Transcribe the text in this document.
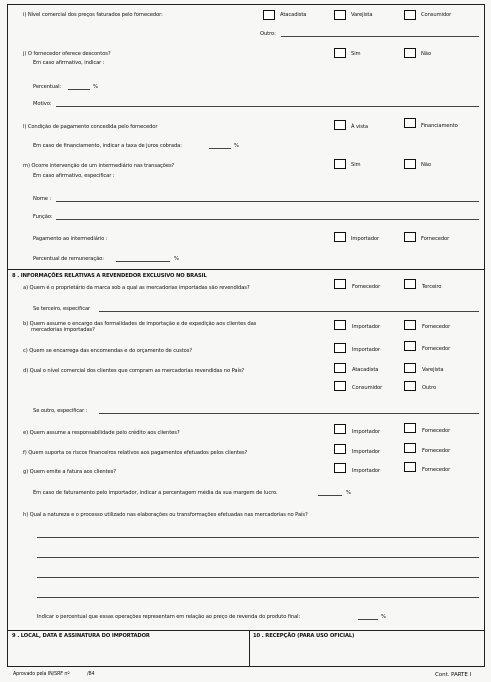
i) Nível comercial dos preços faturados pelo fornecedor:	Atacadista	Varejista	Consumidor
Outro:
j) O fornecedor oferece descontos?	Sim	Não
Em caso afirmativo, indicar :
Percentual:	%
Motivo:
l) Condição de pagamento concedida pelo fornecedor	À vista	Financiamento
Em caso de financiamento, indicar a taxa de juros cobrada:	%
m) Ocorre intervenção de um intermediário nas transações?	Sim	Não
Em caso afirmativo, especificar :
Nome :
Função:
Pagamento ao intermediário :	Importador	Fornecedor
Percentual de remuneração:	%
8 . INFORMAÇÕES RELATIVAS A REVENDEDOR EXCLUSIVO NO BRASIL
a) Quem é o proprietário da marca sob a qual as mercadorias importadas são revendidas?	Fornecedor	Terceiro
Se terceiro, especificar
b) Quem assume o encargo das formalidades de importação e de expedição aos clientes das
mercadorias importadas?	Importador	Fornecedor
c) Quem se encarrega das encomendas e do orçamento de custos?	Importador	Fornecedor
d) Qual o nível comercial dos clientes que compram as mercadorias revendidas no País?	Atacadista	Varejista
Consumidor	Outro
Se outro, especificar :
e) Quem assume a responsabilidade pelo crédito aos clientes?	Importador	Fornecedor
f) Quem suporta os riscos financeiros relativos aos pagamentos efetuados pelos clientes?	Importador	Fornecedor
g) Quem emite a fatura aos clientes?	Importador	Fornecedor
Em caso de faturamento pelo importador, indicar a percentagem média da sua margem de lucro.	%
h) Qual a natureza e o processo utilizado nas elaborações ou transformações efetuadas nas mercadorias no País?
Indicar o percentual que essas operações representam em relação ao preço de revenda do produto final:	%
9 . LOCAL, DATA E ASSINATURA DO IMPORTADOR	10 . RECEPÇÃO (PARA USO OFICIAL)
Aprovado pela IN/SRF nº	/84	Cont. PARTE I
